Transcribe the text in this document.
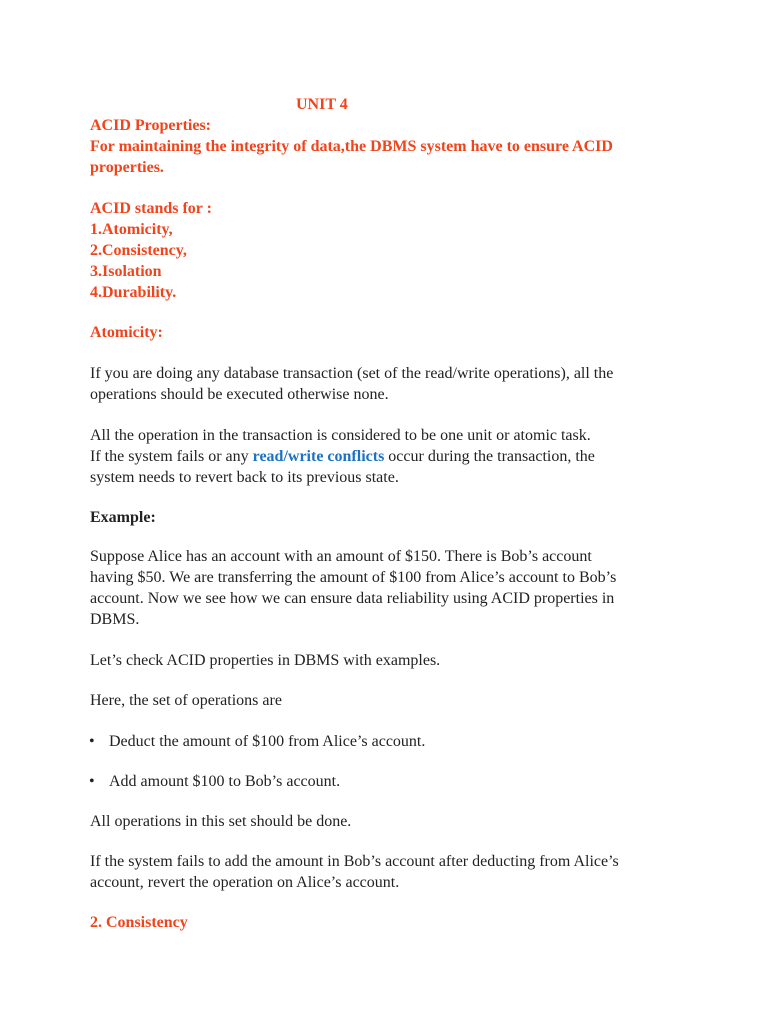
UNIT 4
ACID Properties:
For maintaining the integrity of data,the DBMS system have to ensure ACID
properties.
ACID stands for :
1.Atomicity,
2.Consistency,
3.Isolation
4.Durability.
Atomicity:
If you are doing any database transaction (set of the read/write operations), all the
operations should be executed otherwise none.
All the operation in the transaction is considered to be one unit or atomic task.
If the system fails or any read/write conflicts occur during the transaction, the
system needs to revert back to its previous state.
Example:
Suppose Alice has an account with an amount of $150. There is Bob’s account
having $50. We are transferring the amount of $100 from Alice’s account to Bob’s
account. Now we see how we can ensure data reliability using ACID properties in
DBMS.
Let’s check ACID properties in DBMS with examples.
Here, the set of operations are
• Deduct the amount of $100 from Alice’s account.
• Add amount $100 to Bob’s account.
All operations in this set should be done.
If the system fails to add the amount in Bob’s account after deducting from Alice’s
account, revert the operation on Alice’s account.
2. Consistency
